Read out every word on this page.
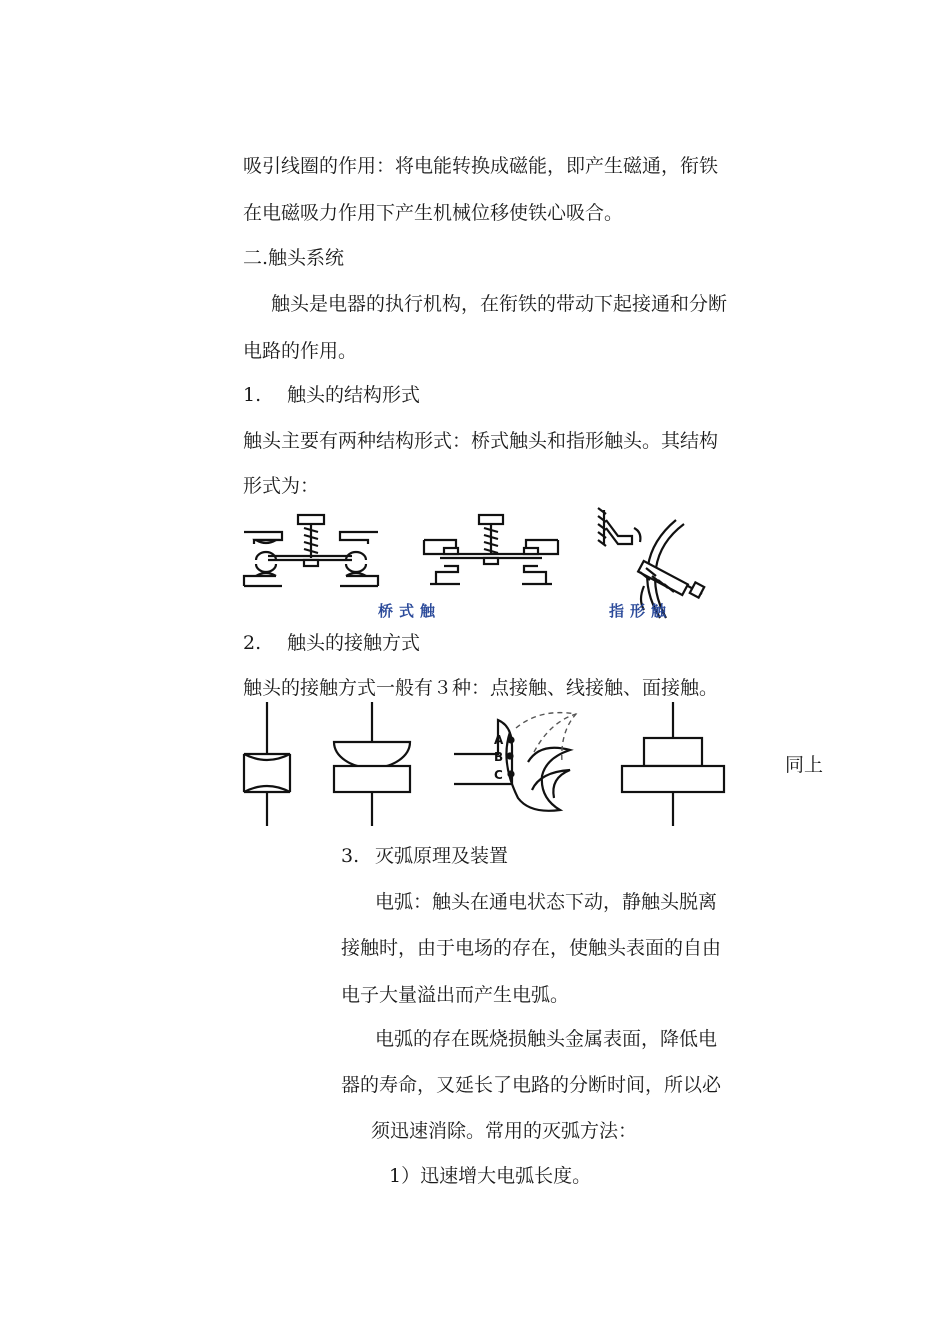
吸引线圈的作用：将电能转换成磁能，即产生磁通，衔铁

在电磁吸力作用下产生机械位移使铁心吸合。

二.触头系统

触头是电器的执行机构，在衔铁的带动下起接通和分断

电路的作用。

1. 触头的结构形式

触头主要有两种结构形式：桥式触头和指形触头。其结构

形式为：

桥式触	指形触

2. 触头的接触方式

触头的接触方式一般有３种：点接触、线接触、面接触。

A
B
C	同上

3. 灭弧原理及装置

电弧：触头在通电状态下动，静触头脱离

接触时，由于电场的存在，使触头表面的自由

电子大量溢出而产生电弧。

电弧的存在既烧损触头金属表面，降低电

器的寿命，又延长了电路的分断时间，所以必

须迅速消除。常用的灭弧方法：

1）迅速增大电弧长度。
